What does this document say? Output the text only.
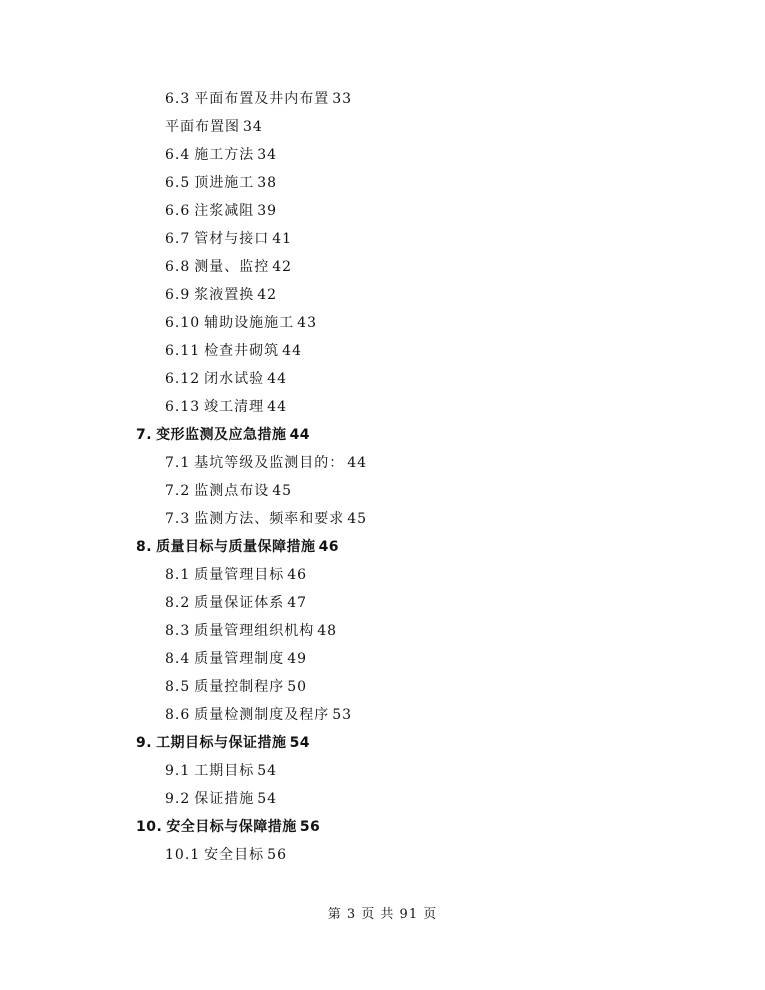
6.3 平面布置及井内布置 33
平面布置图 34
6.4 施工方法 34
6.5 顶进施工 38
6.6 注浆减阻 39
6.7 管材与接口 41
6.8 测量、监控 42
6.9 浆液置换 42
6.10 辅助设施施工 43
6.11 检查井砌筑 44
6.12 闭水试验 44
6.13 竣工清理 44
7. 变形监测及应急措施 44
7.1 基坑等级及监测目的： 44
7.2 监测点布设 45
7.3 监测方法、频率和要求 45
8. 质量目标与质量保障措施 46
8.1 质量管理目标 46
8.2 质量保证体系 47
8.3 质量管理组织机构 48
8.4 质量管理制度 49
8.5 质量控制程序 50
8.6 质量检测制度及程序 53
9. 工期目标与保证措施 54
9.1 工期目标 54
9.2 保证措施 54
10. 安全目标与保障措施 56
10.1 安全目标 56
第 3 页 共 91 页
